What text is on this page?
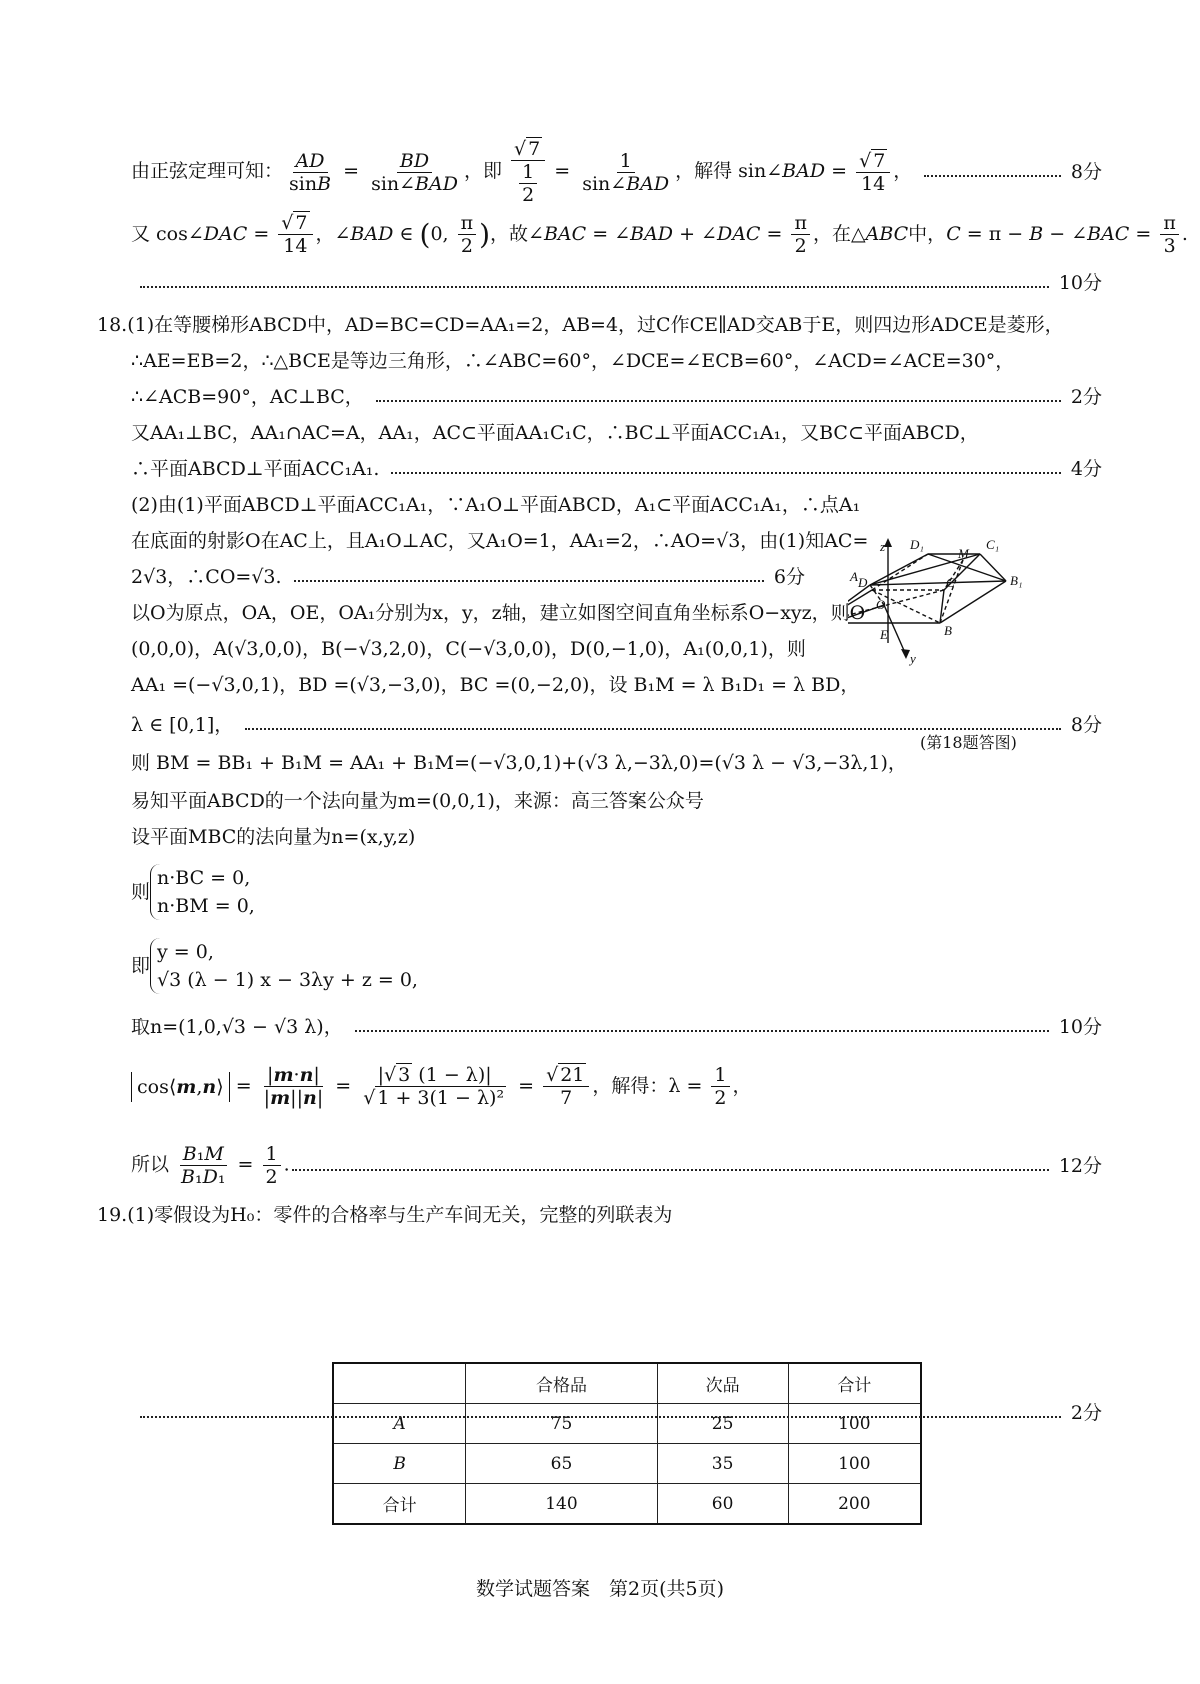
由正弦定理可知： $\frac{AD}{\sin B} = \frac{BD}{\text{sin∠BAD}}$ ，即 $\frac{√ 7}{\frac{1}{2}} = \frac{1}{\text{sin∠BAD}}$ ，解得 sin∠BAD = $\frac{√ 7}{14}$ ，	8分
又 cos∠DAC = $\frac{√ 7}{14}$ ，∠BAD ∈ (0, $\frac{\pi}{2}$ )，故∠BAC = ∠BAD + ∠DAC = $\frac{\pi}{2}$ ，在△ABC中，C = π − B − ∠BAC = $\frac{\pi}{3}$ .
10分
18.(1)在等腰梯形ABCD中，AD=BC=CD=AA₁=2，AB=4，过C作CE∥AD交AB于E，则四边形ADCE是菱形，
∴AE=EB=2，∴△BCE是等边三角形，∴∠ABC=60°，∠DCE=∠ECB=60°，∠ACD=∠ACE=30°，
∴∠ACB=90°，AC⊥BC，	2分
又AA₁⊥BC，AA₁∩AC=A，AA₁，AC⊂平面AA₁C₁C，∴BC⊥平面ACC₁A₁，又BC⊂平面ABCD，
∴平面ABCD⊥平面ACC₁A₁.	4分
(2)由(1)平面ABCD⊥平面ACC₁A₁，∵A₁O⊥平面ABCD，A₁⊂平面ACC₁A₁，∴点A₁
在底面的射影O在AC上，且A₁O⊥AC，又A₁O=1，AA₁=2，∴AO=√3，由(1)知AC=
2√3，∴CO=√3.	6分
以O为原点，OA，OE，OA₁分别为x，y，z轴，建立如图空间直角坐标系O−xyz，则O
(0,0,0)，A(√3,0,0)，B(−√3,2,0)，C(−√3,0,0)，D(0,−1,0)，A₁(0,0,1)，则
AA₁ =(−√3,0,1)，BD =(√3,−3,0)，BC =(0,−2,0)，设 B₁M = λ B₁D₁ = λ BD，
λ ∈ [0,1]，	8分
则 BM = BB₁ + B₁M = AA₁ + B₁M=(−√3,0,1)+(√3 λ,−3λ,0)=(√3 λ − √3,−3λ,1)，
易知平面ABCD的一个法向量为m=(0,0,1)，来源：高三答案公众号
设平面MBC的法向量为n=(x,y,z)
则
n·BC = 0,
n·BM = 0,
即
y = 0,
√3 (λ − 1) x − 3λy + z = 0,
取n=(1,0,√3 − √3 λ)，	10分
cos⟨m,n⟩ = $\frac{|m\cdot n|}{|m||n|} = \frac{|√ 3 (1 - \lambda)|}{\text{√ 1 + 3(1 − λ)²}} = \frac{√ 21}{7}$ ，解得：$\lambda = \frac{1}{2}$ ，
所以 $\frac{\text{B₁M}}{\text{B₁D₁}} = \frac{1}{2}$ .	12分
19.(1)零假设为H₀：零件的合格率与生产车间无关，完整的列联表为
	合格品	次品	合计
A	75	25	100
B	65	35	100
合计	140	60	200
2分
z
y
B
C
D
E
O
M
A₁	B₁
C₁
D₁
(第18题答图)
数学试题答案　第2页(共5页)
